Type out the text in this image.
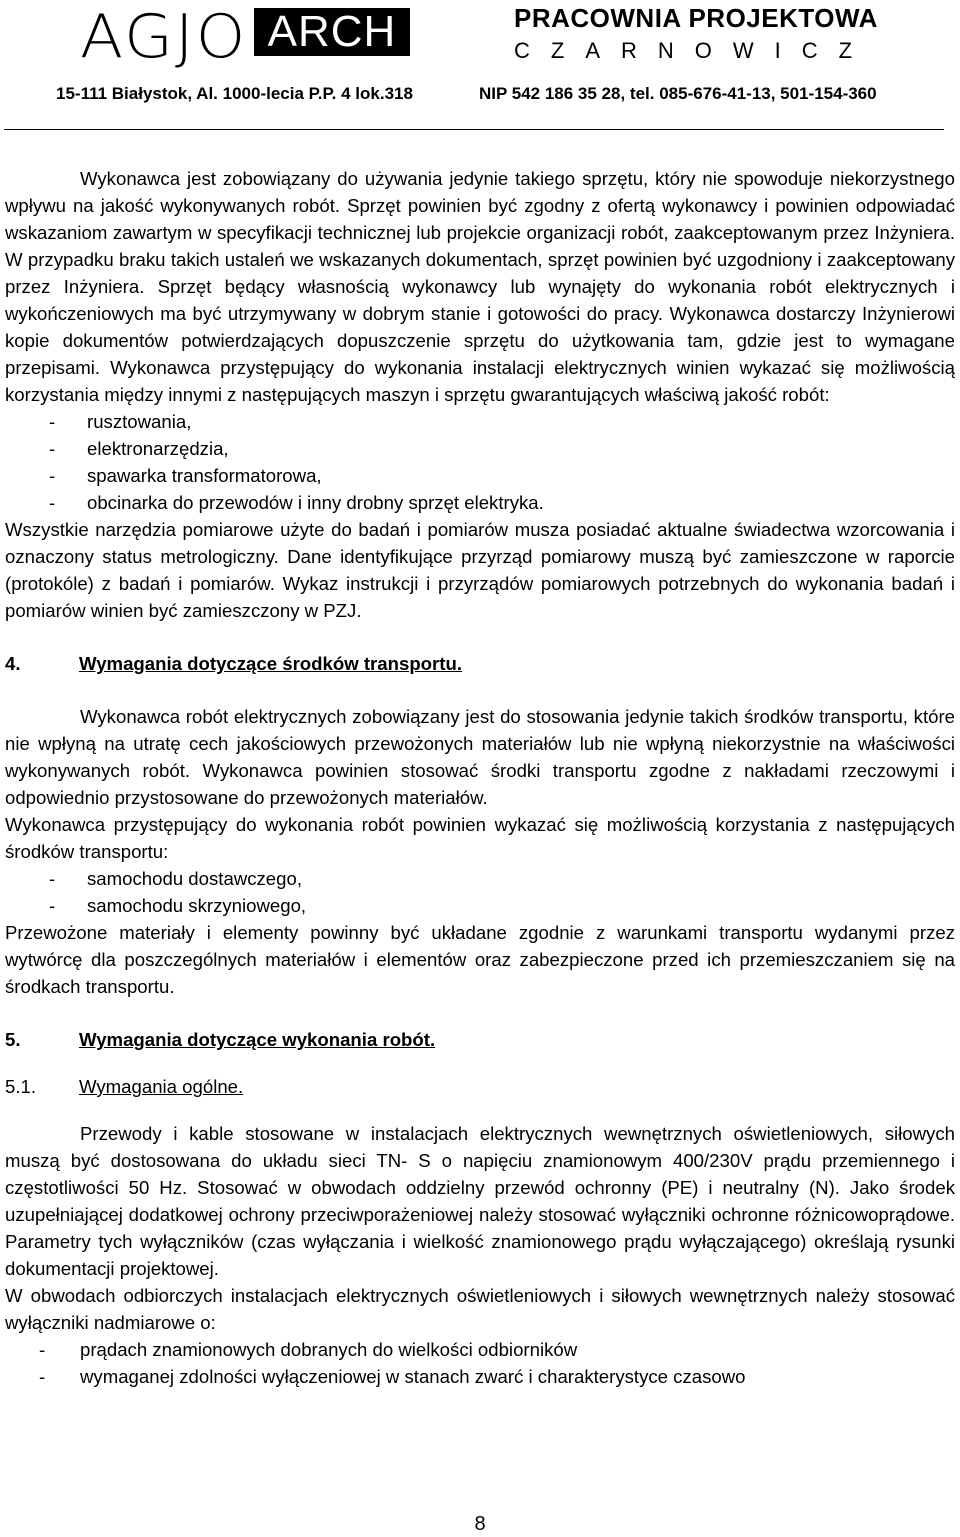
AGJO ARCH	PRACOWNIA PROJEKTOWA
CZARNOWICZ
15-111 Białystok, Al. 1000-lecia P.P. 4 lok.318	NIP 542 186 35 28, tel. 085-676-41-13, 501-154-360

Wykonawca jest zobowiązany do używania jedynie takiego sprzętu, który nie spowoduje niekorzystnego wpływu na jakość wykonywanych robót. Sprzęt powinien być zgodny z ofertą wykonawcy i powinien odpowiadać wskazaniom zawartym w specyfikacji technicznej lub projekcie organizacji robót, zaakceptowanym przez Inżyniera. W przypadku braku takich ustaleń we wskazanych dokumentach, sprzęt powinien być uzgodniony i zaakceptowany przez Inżyniera. Sprzęt będący własnością wykonawcy lub wynajęty do wykonania robót elektrycznych i wykończeniowych ma być utrzymywany w dobrym stanie i gotowości do pracy. Wykonawca dostarczy Inżynierowi kopie dokumentów potwierdzających dopuszczenie sprzętu do użytkowania tam, gdzie jest to wymagane przepisami. Wykonawca przystępujący do wykonania instalacji elektrycznych winien wykazać się możliwością korzystania między innymi z następujących maszyn i sprzętu gwarantujących właściwą jakość robót:

- rusztowania,
- elektronarzędzia,
- spawarka transformatorowa,
- obcinarka do przewodów i inny drobny sprzęt elektryka.

Wszystkie narzędzia pomiarowe użyte do badań i pomiarów musza posiadać aktualne świadectwa wzorcowania i oznaczony status metrologiczny. Dane identyfikujące przyrząd pomiarowy muszą być zamieszczone w raporcie (protokóle) z badań i pomiarów. Wykaz instrukcji i przyrządów pomiarowych potrzebnych do wykonania badań i pomiarów winien być zamieszczony w PZJ.

4.	Wymagania dotyczące środków transportu.

Wykonawca robót elektrycznych zobowiązany jest do stosowania jedynie takich środków transportu, które nie wpłyną na utratę cech jakościowych przewożonych materiałów lub nie wpłyną niekorzystnie na właściwości wykonywanych robót. Wykonawca powinien stosować środki transportu zgodne z nakładami rzeczowymi i odpowiednio przystosowane do przewożonych materiałów.

Wykonawca przystępujący do wykonania robót powinien wykazać się możliwością korzystania z następujących środków transportu:

- samochodu dostawczego,
- samochodu skrzyniowego,

Przewożone materiały i elementy powinny być układane zgodnie z warunkami transportu wydanymi przez wytwórcę dla poszczególnych materiałów i elementów oraz zabezpieczone przed ich przemieszczaniem się na środkach transportu.

5.	Wymagania dotyczące wykonania robót.

5.1. Wymagania ogólne.

Przewody i kable stosowane w instalacjach elektrycznych wewnętrznych oświetleniowych, siłowych muszą być dostosowana do układu sieci TN- S o napięciu znamionowym 400/230V prądu przemiennego i częstotliwości 50 Hz. Stosować w obwodach oddzielny przewód ochronny (PE) i neutralny (N). Jako środek uzupełniającej dodatkowej ochrony przeciwporażeniowej należy stosować wyłączniki ochronne różnicowoprądowe. Parametry tych wyłączników (czas wyłączania i wielkość znamionowego prądu wyłączającego) określają rysunki dokumentacji projektowej.

W obwodach odbiorczych instalacjach elektrycznych oświetleniowych i siłowych wewnętrznych należy stosować wyłączniki nadmiarowe o:

- prądach znamionowych dobranych do wielkości odbiorników
- wymaganej zdolności wyłączeniowej w stanach zwarć i charakterystyce czasowo
8
